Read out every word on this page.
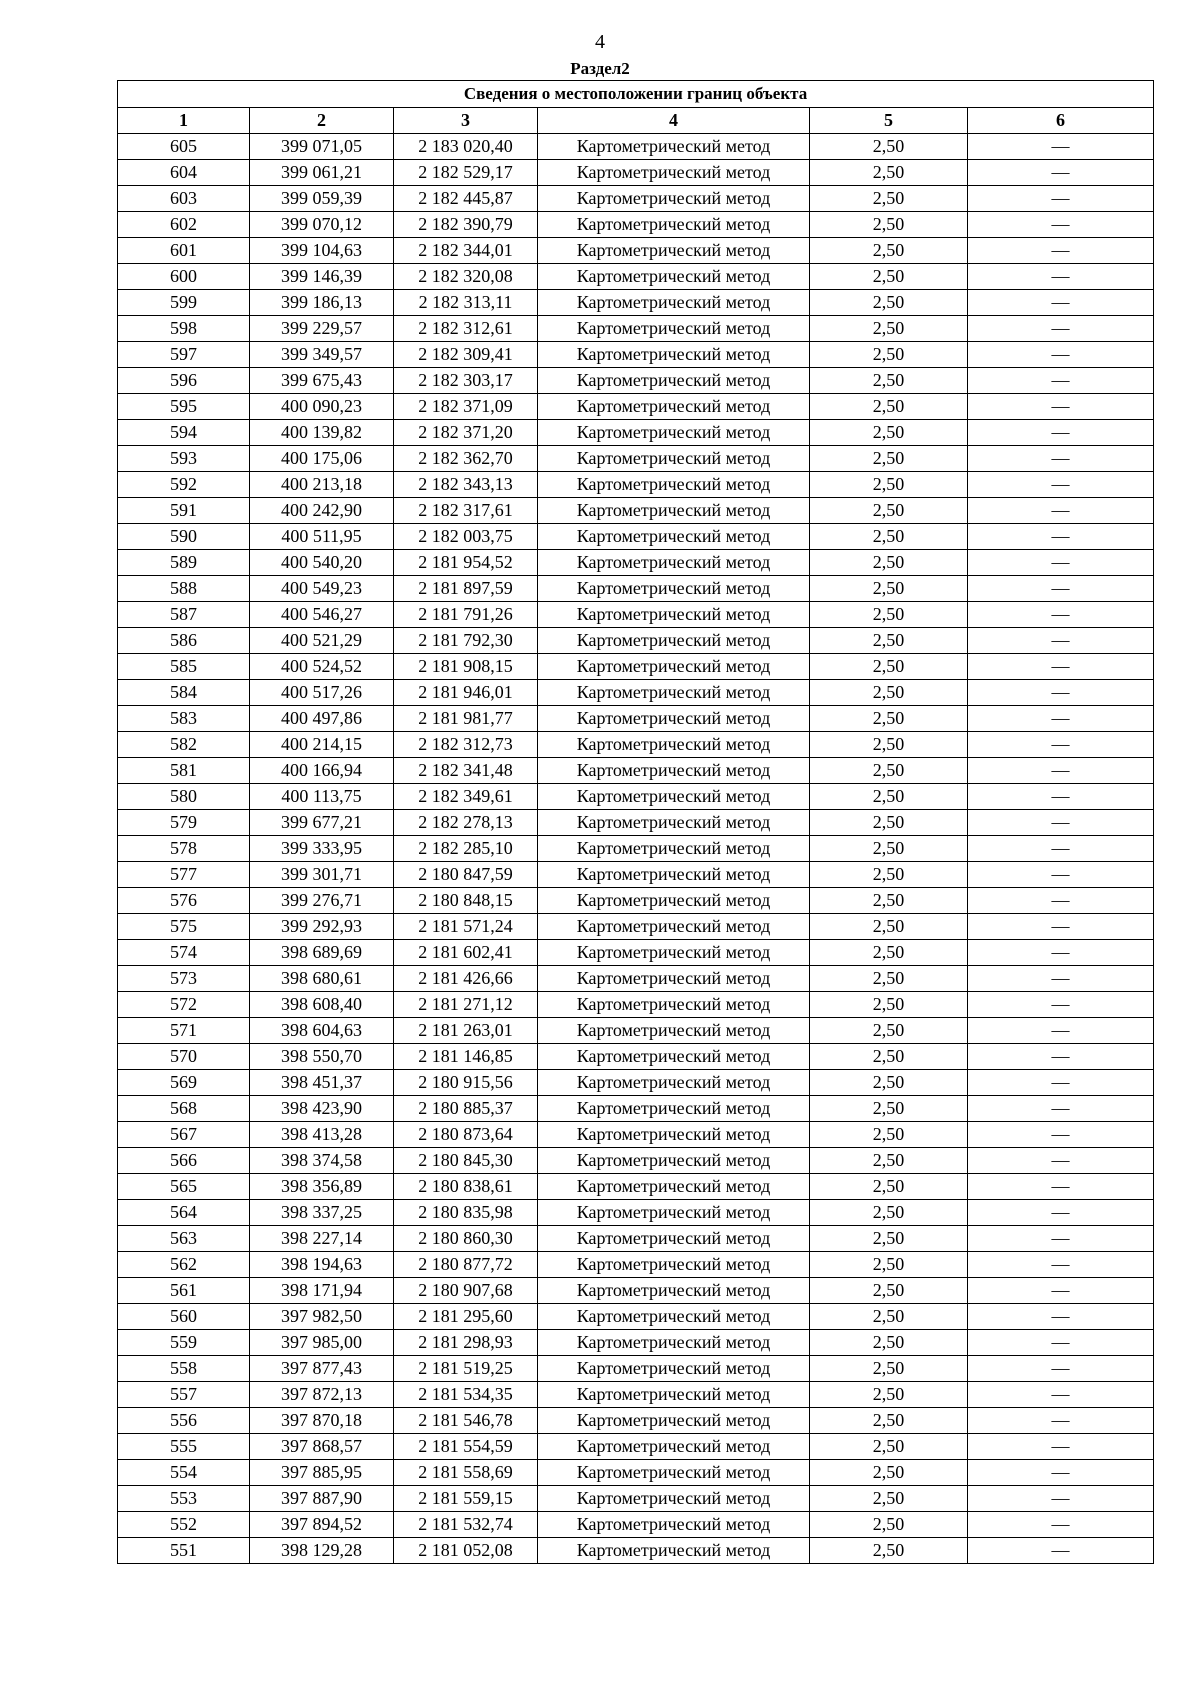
4
Раздел2
Сведения о местоположении границ объекта					
1	2	3	4	5	6
605	399 071,05	2 183 020,40	Картометрический метод	2,50	—
604	399 061,21	2 182 529,17	Картометрический метод	2,50	—
603	399 059,39	2 182 445,87	Картометрический метод	2,50	—
602	399 070,12	2 182 390,79	Картометрический метод	2,50	—
601	399 104,63	2 182 344,01	Картометрический метод	2,50	—
600	399 146,39	2 182 320,08	Картометрический метод	2,50	—
599	399 186,13	2 182 313,11	Картометрический метод	2,50	—
598	399 229,57	2 182 312,61	Картометрический метод	2,50	—
597	399 349,57	2 182 309,41	Картометрический метод	2,50	—
596	399 675,43	2 182 303,17	Картометрический метод	2,50	—
595	400 090,23	2 182 371,09	Картометрический метод	2,50	—
594	400 139,82	2 182 371,20	Картометрический метод	2,50	—
593	400 175,06	2 182 362,70	Картометрический метод	2,50	—
592	400 213,18	2 182 343,13	Картометрический метод	2,50	—
591	400 242,90	2 182 317,61	Картометрический метод	2,50	—
590	400 511,95	2 182 003,75	Картометрический метод	2,50	—
589	400 540,20	2 181 954,52	Картометрический метод	2,50	—
588	400 549,23	2 181 897,59	Картометрический метод	2,50	—
587	400 546,27	2 181 791,26	Картометрический метод	2,50	—
586	400 521,29	2 181 792,30	Картометрический метод	2,50	—
585	400 524,52	2 181 908,15	Картометрический метод	2,50	—
584	400 517,26	2 181 946,01	Картометрический метод	2,50	—
583	400 497,86	2 181 981,77	Картометрический метод	2,50	—
582	400 214,15	2 182 312,73	Картометрический метод	2,50	—
581	400 166,94	2 182 341,48	Картометрический метод	2,50	—
580	400 113,75	2 182 349,61	Картометрический метод	2,50	—
579	399 677,21	2 182 278,13	Картометрический метод	2,50	—
578	399 333,95	2 182 285,10	Картометрический метод	2,50	—
577	399 301,71	2 180 847,59	Картометрический метод	2,50	—
576	399 276,71	2 180 848,15	Картометрический метод	2,50	—
575	399 292,93	2 181 571,24	Картометрический метод	2,50	—
574	398 689,69	2 181 602,41	Картометрический метод	2,50	—
573	398 680,61	2 181 426,66	Картометрический метод	2,50	—
572	398 608,40	2 181 271,12	Картометрический метод	2,50	—
571	398 604,63	2 181 263,01	Картометрический метод	2,50	—
570	398 550,70	2 181 146,85	Картометрический метод	2,50	—
569	398 451,37	2 180 915,56	Картометрический метод	2,50	—
568	398 423,90	2 180 885,37	Картометрический метод	2,50	—
567	398 413,28	2 180 873,64	Картометрический метод	2,50	—
566	398 374,58	2 180 845,30	Картометрический метод	2,50	—
565	398 356,89	2 180 838,61	Картометрический метод	2,50	—
564	398 337,25	2 180 835,98	Картометрический метод	2,50	—
563	398 227,14	2 180 860,30	Картометрический метод	2,50	—
562	398 194,63	2 180 877,72	Картометрический метод	2,50	—
561	398 171,94	2 180 907,68	Картометрический метод	2,50	—
560	397 982,50	2 181 295,60	Картометрический метод	2,50	—
559	397 985,00	2 181 298,93	Картометрический метод	2,50	—
558	397 877,43	2 181 519,25	Картометрический метод	2,50	—
557	397 872,13	2 181 534,35	Картометрический метод	2,50	—
556	397 870,18	2 181 546,78	Картометрический метод	2,50	—
555	397 868,57	2 181 554,59	Картометрический метод	2,50	—
554	397 885,95	2 181 558,69	Картометрический метод	2,50	—
553	397 887,90	2 181 559,15	Картометрический метод	2,50	—
552	397 894,52	2 181 532,74	Картометрический метод	2,50	—
551	398 129,28	2 181 052,08	Картометрический метод	2,50	—
